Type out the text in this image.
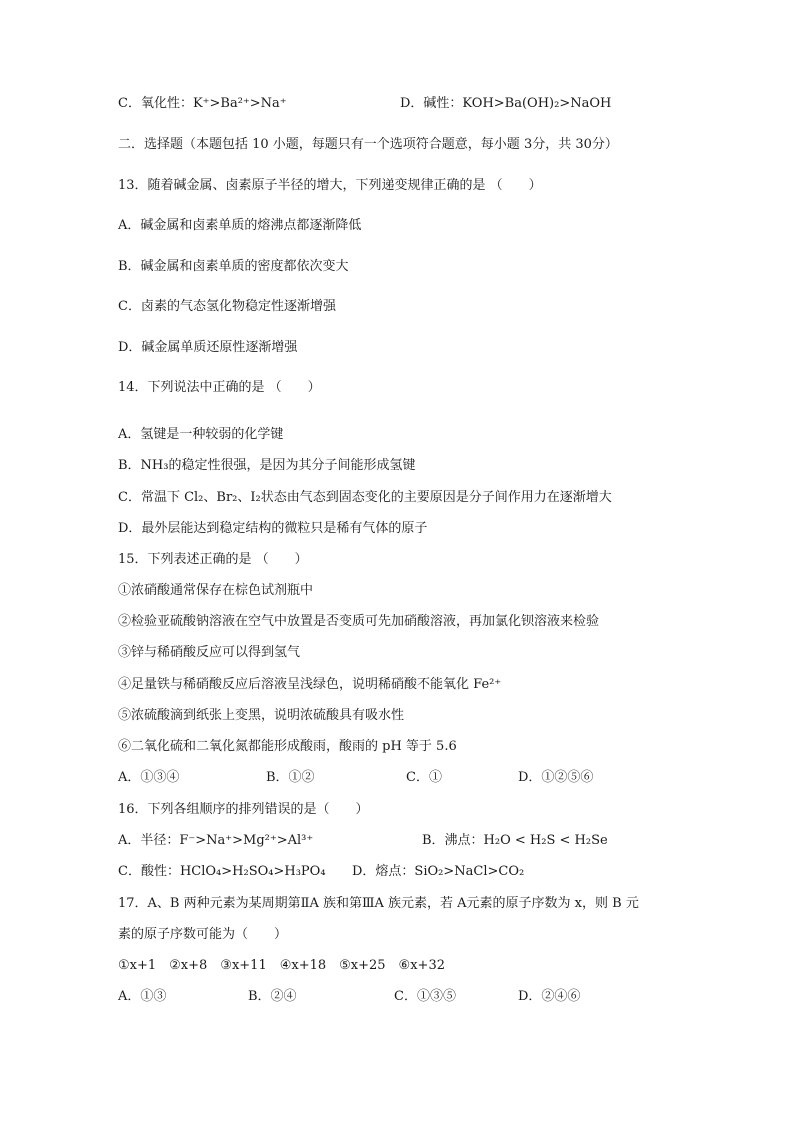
C．氧化性：K⁺>Ba²⁺>Na⁺	D．碱性：KOH>Ba(OH)₂>NaOH
二．选择题（本题包括 10 小题，每题只有一个选项符合题意，每小题 3分，共 30分）
13．随着碱金属、卤素原子半径的增大，下列递变规律正确的是 （　　）
A．碱金属和卤素单质的熔沸点都逐渐降低
B．碱金属和卤素单质的密度都依次变大
C．卤素的气态氢化物稳定性逐渐增强
D．碱金属单质还原性逐渐增强
14．下列说法中正确的是 （　　）
A．氢键是一种较弱的化学键
B．NH₃的稳定性很强，是因为其分子间能形成氢键
C．常温下 Cl₂、Br₂、I₂状态由气态到固态变化的主要原因是分子间作用力在逐渐增大
D．最外层能达到稳定结构的微粒只是稀有气体的原子
15．下列表述正确的是 （　　）
①浓硝酸通常保存在棕色试剂瓶中
②检验亚硫酸钠溶液在空气中放置是否变质可先加硝酸溶液，再加氯化钡溶液来检验
③锌与稀硝酸反应可以得到氢气
④足量铁与稀硝酸反应后溶液呈浅绿色，说明稀硝酸不能氧化 Fe²⁺
⑤浓硫酸滴到纸张上变黑，说明浓硫酸具有吸水性
⑥二氧化硫和二氧化氮都能形成酸雨，酸雨的 pH 等于 5.6
A．①③④	B．①②	C．①	D．①②⑤⑥
16．下列各组顺序的排列错误的是（　　）
A．半径：F⁻>Na⁺>Mg²⁺>Al³⁺	B．沸点：H₂O < H₂S < H₂Se
C．酸性：HClO₄>H₂SO₄>H₃PO₄ D．熔点：SiO₂>NaCl>CO₂
17．A、B 两种元素为某周期第ⅡA 族和第ⅢA 族元素，若 A元素的原子序数为 x，则 B 元
素的原子序数可能为（　　）
①x+1　②x+8　③x+11　④x+18　⑤x+25　⑥x+32
A．①③	B．②④	C．①③⑤	D．②④⑥
